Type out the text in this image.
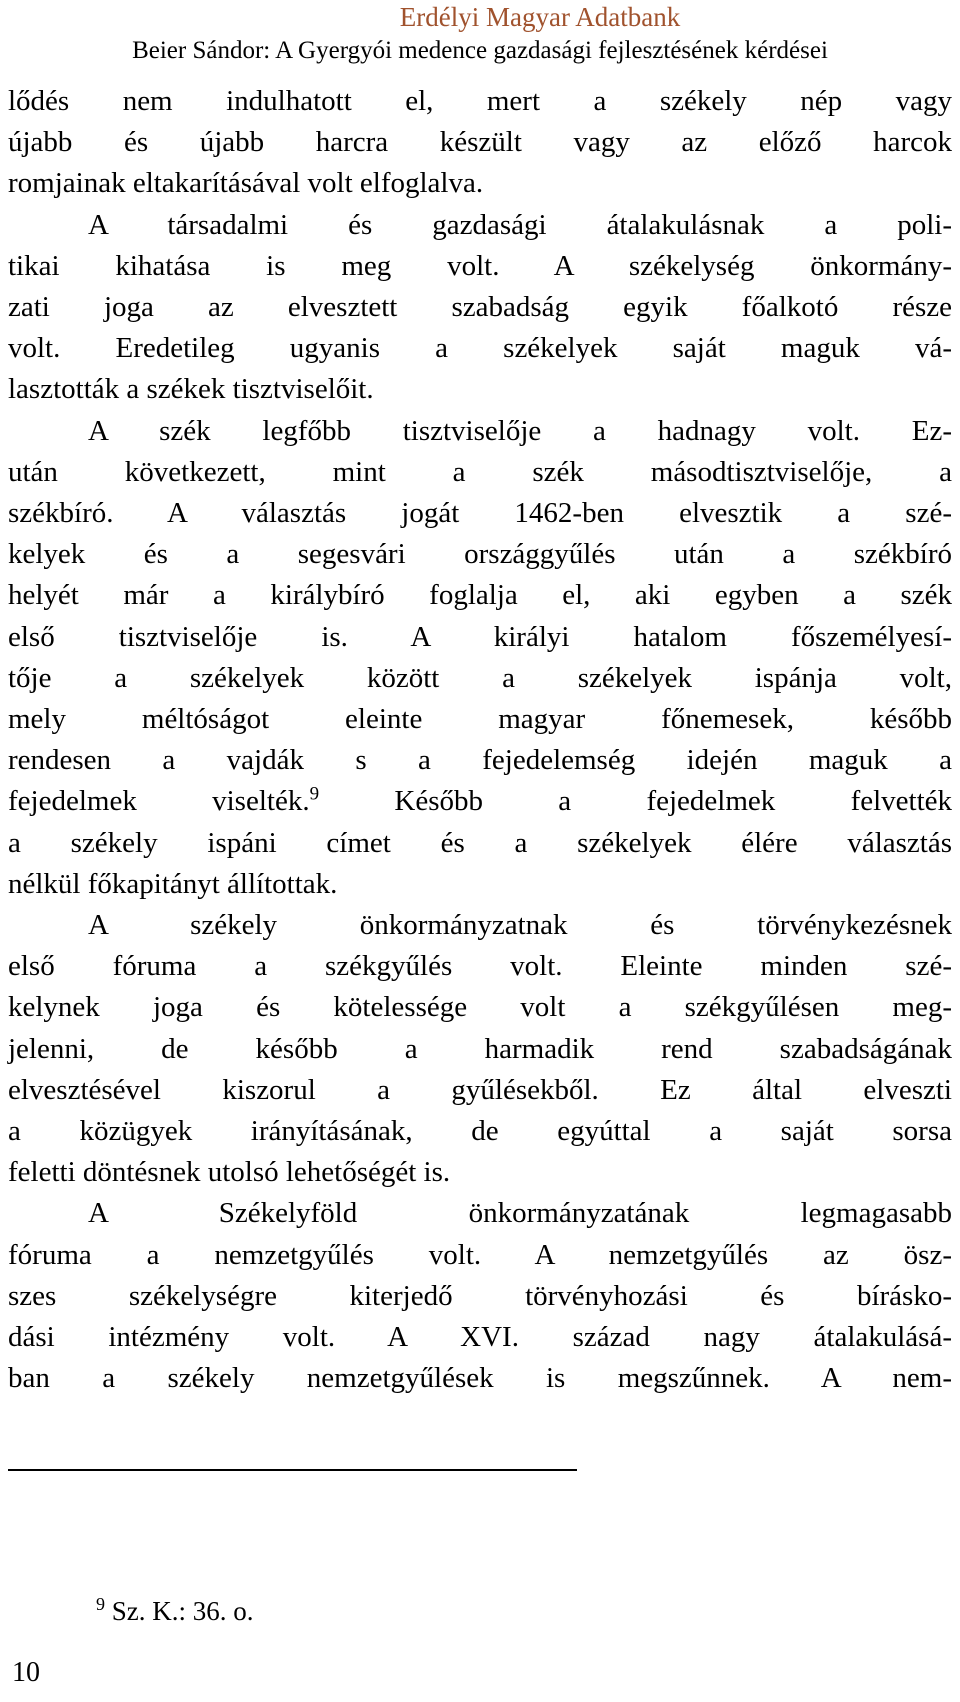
Erdélyi Magyar Adatbank
Beier Sándor: A Gyergyói medence gazdasági fejlesztésének kérdései

lődés nem indulhatott el, mert a székely nép vagy

újabb és újabb harcra készült vagy az előző harcok

romjainak eltakarításával volt elfoglalva.

A társadalmi és gazdasági átalakulásnak a poli-

tikai kihatása is meg volt. A székelység önkormány-

zati joga az elvesztett szabadság egyik főalkotó része

volt. Eredetileg ugyanis a székelyek saját maguk vá-

lasztották a székek tisztviselőit.

A szék legfőbb tisztviselője a hadnagy volt. Ez-

után következett, mint a szék másodtisztviselője, a

székbíró. A választás jogát 1462-ben elvesztik a szé-

kelyek és a segesvári országgyűlés után a székbíró

helyét már a királybíró foglalja el, aki egyben a szék

első tisztviselője is. A királyi hatalom főszemélyesí-

tője a székelyek között a székelyek ispánja volt,

mely méltóságot eleinte magyar főnemesek, később

rendesen a vajdák s a fejedelemség idején maguk a

fejedelmek viselték.$^9$ Később a fejedelmek felvették

a székely ispáni címet és a székelyek élére választás

nélkül főkapitányt állítottak.

A székely önkormányzatnak és törvénykezésnek

első fóruma a székgyűlés volt. Eleinte minden szé-

kelynek joga és kötelessége volt a székgyűlésen meg-

jelenni, de később a harmadik rend szabadságának

elvesztésével kiszorul a gyűlésekből. Ez által elveszti

a közügyek irányításának, de egyúttal a saját sorsa

feletti döntésnek utolsó lehetőségét is.

A Székelyföld önkormányzatának legmagasabb

fóruma a nemzetgyűlés volt. A nemzetgyűlés az ösz-

szes székelységre kiterjedő törvényhozási és bírásko-

dási intézmény volt. A XVI. század nagy átalakulásá-

ban a székely nemzetgyűlések is megszűnnek. A nem-

$^9$ Sz. K.: 36. o.
10
